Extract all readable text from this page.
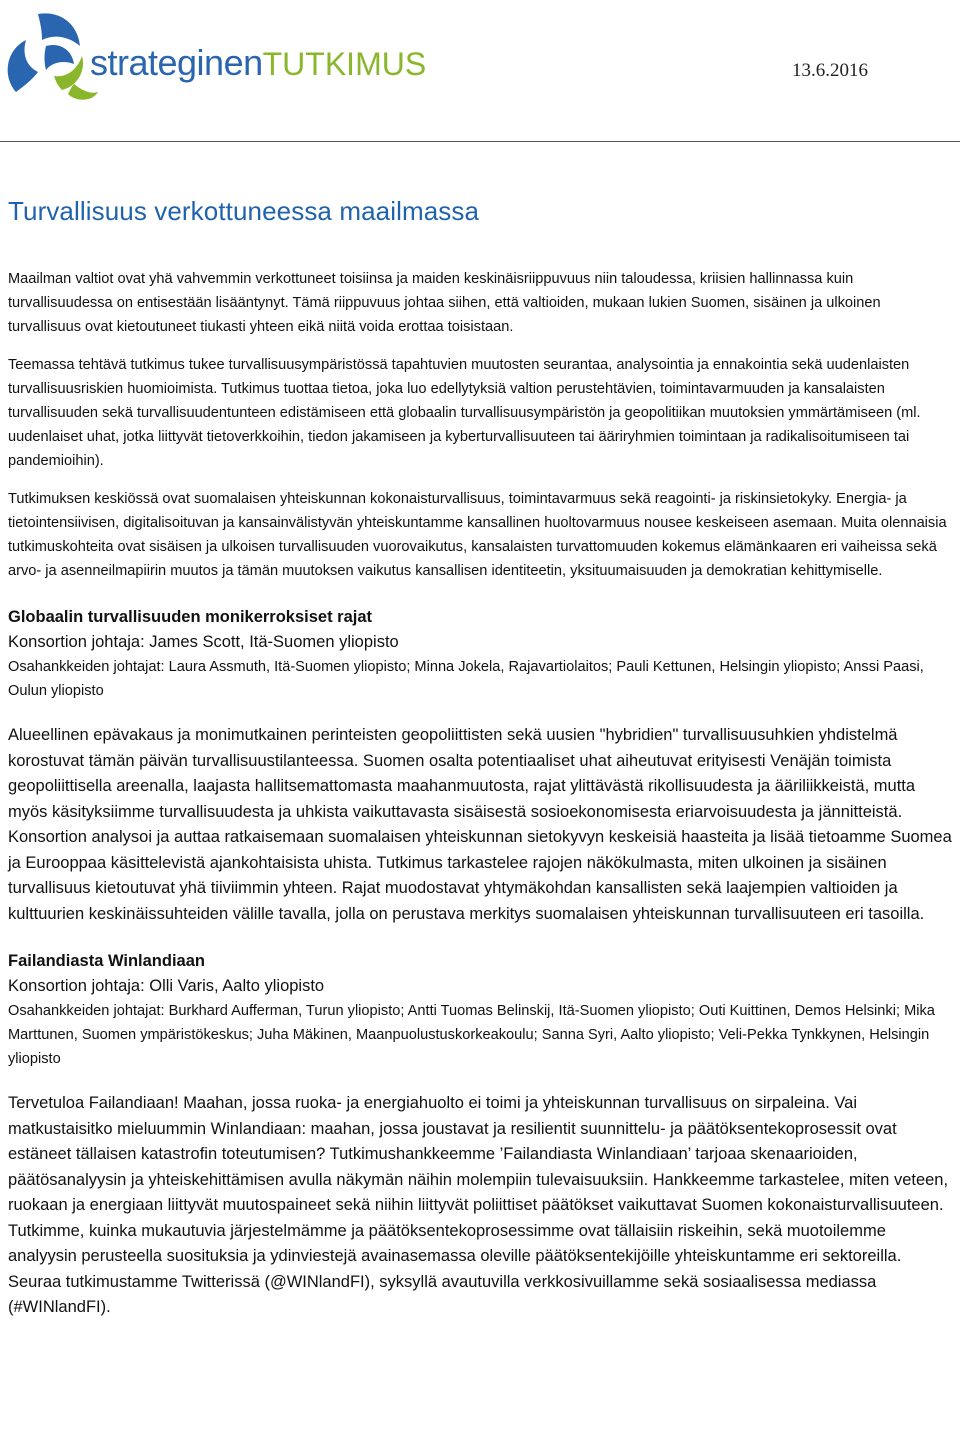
strateginenTUTKIMUS	13.6.2016
Turvallisuus verkottuneessa maailmassa

Maailman valtiot ovat yhä vahvemmin verkottuneet toisiinsa ja maiden keskinäisriippuvuus niin taloudessa, kriisien hallinnassa kuin turvallisuudessa on entisestään lisääntynyt. Tämä riippuvuus johtaa siihen, että valtioiden, mukaan lukien Suomen, sisäinen ja ulkoinen turvallisuus ovat kietoutuneet tiukasti yhteen eikä niitä voida erottaa toisistaan.

Teemassa tehtävä tutkimus tukee turvallisuusympäristössä tapahtuvien muutosten seurantaa, analysointia ja ennakointia sekä uudenlaisten turvallisuusriskien huomioimista. Tutkimus tuottaa tietoa, joka luo edellytyksiä valtion perustehtävien, toimintavarmuuden ja kansalaisten turvallisuuden sekä turvallisuudentunteen edistämiseen että globaalin turvallisuusympäristön ja geopolitiikan muutoksien ymmärtämiseen (ml. uudenlaiset uhat, jotka liittyvät tietoverkkoihin, tiedon jakamiseen ja kyberturvallisuuteen tai ääriryhmien toimintaan ja radikalisoitumiseen tai pandemioihin).

Tutkimuksen keskiössä ovat suomalaisen yhteiskunnan kokonaisturvallisuus, toimintavarmuus sekä reagointi- ja riskinsietokyky. Energia- ja tietointensiivisen, digitalisoituvan ja kansainvälistyvän yhteiskuntamme kansallinen huoltovarmuus nousee keskeiseen asemaan. Muita olennaisia tutkimuskohteita ovat sisäisen ja ulkoisen turvallisuuden vuorovaikutus, kansalaisten turvattomuuden kokemus elämänkaaren eri vaiheissa sekä arvo- ja asenneilmapiirin muutos ja tämän muutoksen vaikutus kansallisen identiteetin, yksituumaisuuden ja demokratian kehittymiselle.

Globaalin turvallisuuden monikerroksiset rajat

Konsortion johtaja: James Scott, Itä-Suomen yliopisto

Osahankkeiden johtajat: Laura Assmuth, Itä-Suomen yliopisto; Minna Jokela, Rajavartiolaitos; Pauli Kettunen, Helsingin yliopisto; Anssi Paasi, Oulun yliopisto

Alueellinen epävakaus ja monimutkainen perinteisten geopoliittisten sekä uusien "hybridien" turvallisuusuhkien yhdistelmä korostuvat tämän päivän turvallisuustilanteessa. Suomen osalta potentiaaliset uhat aiheutuvat erityisesti Venäjän toimista geopoliittisella areenalla, laajasta hallitsemattomasta maahanmuutosta, rajat ylittävästä rikollisuudesta ja ääriliikkeistä, mutta myös käsityksiimme turvallisuudesta ja uhkista vaikuttavasta sisäisestä sosioekonomisesta eriarvoisuudesta ja jännitteistä. Konsortion analysoi ja auttaa ratkaisemaan suomalaisen yhteiskunnan sietokyvyn keskeisiä haasteita ja lisää tietoamme Suomea ja Eurooppaa käsittelevistä ajankohtaisista uhista. Tutkimus tarkastelee rajojen näkökulmasta, miten ulkoinen ja sisäinen turvallisuus kietoutuvat yhä tiiviimmin yhteen. Rajat muodostavat yhtymäkohdan kansallisten sekä laajempien valtioiden ja kulttuurien keskinäissuhteiden välille tavalla, jolla on perustava merkitys suomalaisen yhteiskunnan turvallisuuteen eri tasoilla.

Failandiasta Winlandiaan

Konsortion johtaja: Olli Varis, Aalto yliopisto

Osahankkeiden johtajat: Burkhard Aufferman, Turun yliopisto; Antti Tuomas Belinskij, Itä-Suomen yliopisto; Outi Kuittinen, Demos Helsinki; Mika Marttunen, Suomen ympäristökeskus; Juha Mäkinen, Maanpuolustuskorkeakoulu; Sanna Syri, Aalto yliopisto; Veli-Pekka Tynkkynen, Helsingin yliopisto

Tervetuloa Failandiaan! Maahan, jossa ruoka- ja energiahuolto ei toimi ja yhteiskunnan turvallisuus on sirpaleina. Vai matkustaisitko mieluummin Winlandiaan: maahan, jossa joustavat ja resilientit suunnittelu- ja päätöksentekoprosessit ovat estäneet tällaisen katastrofin toteutumisen? Tutkimushankkeemme ’Failandiasta Winlandiaan’ tarjoaa skenaarioiden, päätösanalyysin ja yhteiskehittämisen avulla näkymän näihin molempiin tulevaisuuksiin. Hankkeemme tarkastelee, miten veteen, ruokaan ja energiaan liittyvät muutospaineet sekä niihin liittyvät poliittiset päätökset vaikuttavat Suomen kokonaisturvallisuuteen. Tutkimme, kuinka mukautuvia järjestelmämme ja päätöksentekoprosessimme ovat tällaisiin riskeihin, sekä muotoilemme analyysin perusteella suosituksia ja ydinviestejä avainasemassa oleville päätöksentekijöille yhteiskuntamme eri sektoreilla. Seuraa tutkimustamme Twitterissä (@WINlandFI), syksyllä avautuvilla verkkosivuillamme sekä sosiaalisessa mediassa (#WINlandFI).
